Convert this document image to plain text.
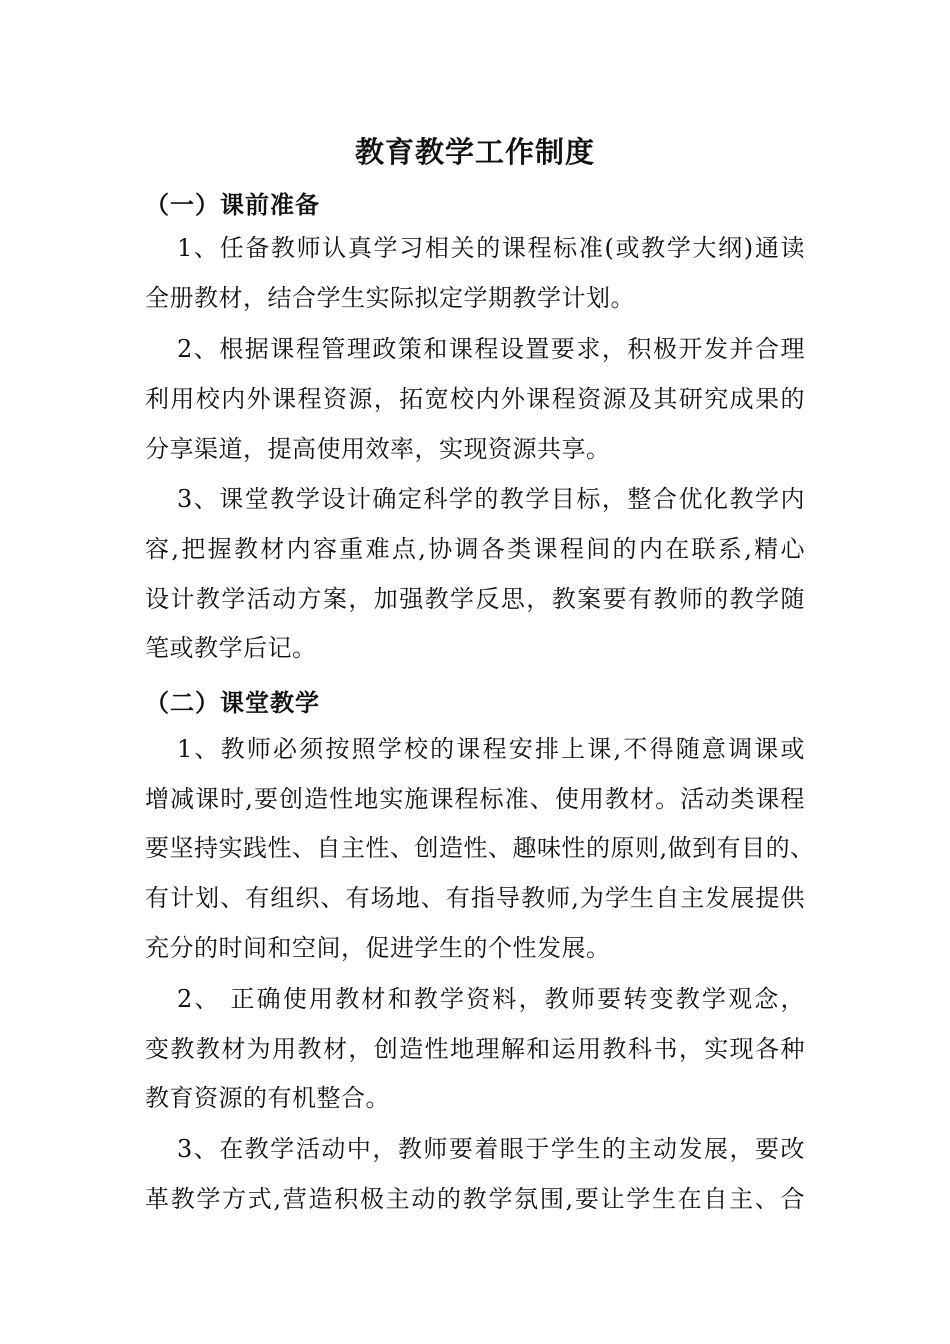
教育教学工作制度
（一）课前准备
1、任备教师认真学习相关的课程标准(或教学大纲)通读
全册教材，结合学生实际拟定学期教学计划。
2、根据课程管理政策和课程设置要求，积极开发并合理
利用校内外课程资源，拓宽校内外课程资源及其研究成果的
分享渠道，提高使用效率，实现资源共享。
3、课堂教学设计确定科学的教学目标，整合优化教学内
容,把握教材内容重难点,协调各类课程间的内在联系,精心
设计教学活动方案，加强教学反思，教案要有教师的教学随
笔或教学后记。
（二）课堂教学
1、教师必须按照学校的课程安排上课,不得随意调课或
增减课时,要创造性地实施课程标准、使用教材。活动类课程
要坚持实践性、自主性、创造性、趣味性的原则,做到有目的、
有计划、有组织、有场地、有指导教师,为学生自主发展提供
充分的时间和空间，促进学生的个性发展。
2、 正确使用教材和教学资料，教师要转变教学观念，
变教教材为用教材，创造性地理解和运用教科书，实现各种
教育资源的有机整合。
3、在教学活动中，教师要着眼于学生的主动发展，要改
革教学方式,营造积极主动的教学氛围,要让学生在自主、合
